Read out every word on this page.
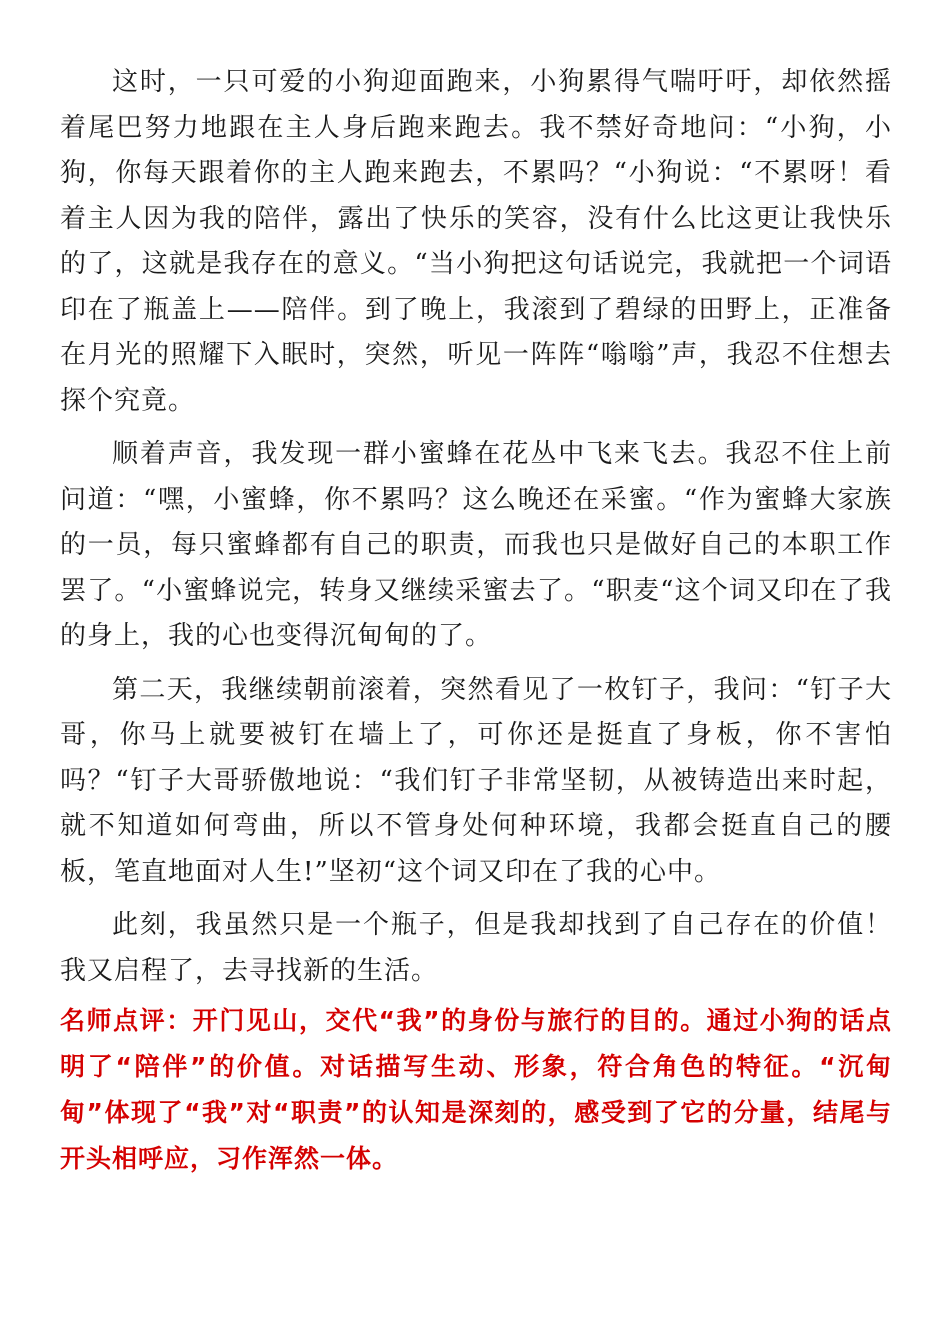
这时，一只可爱的小狗迎面跑来，小狗累得气喘吁吁，却依然摇着尾巴努力地跟在主人身后跑来跑去。我不禁好奇地问：“小狗，小狗，你每天跟着你的主人跑来跑去，不累吗？“小狗说：“不累呀！看着主人因为我的陪伴，露出了快乐的笑容，没有什么比这更让我快乐的了，这就是我存在的意义。“当小狗把这句话说完，我就把一个词语印在了瓶盖上——陪伴。到了晚上，我滚到了碧绿的田野上，正准备在月光的照耀下入眠时，突然，听见一阵阵“嗡嗡”声，我忍不住想去探个究竟。

顺着声音，我发现一群小蜜蜂在花丛中飞来飞去。我忍不住上前问道：“嘿，小蜜蜂，你不累吗？这么晚还在采蜜。“作为蜜蜂大家族的一员，每只蜜蜂都有自己的职责，而我也只是做好自己的本职工作罢了。“小蜜蜂说完，转身又继续采蜜去了。“职麦“这个词又印在了我的身上，我的心也变得沉甸甸的了。

第二天，我继续朝前滚着，突然看见了一枚钉子，我问：“钉子大哥，你马上就要被钉在墙上了，可你还是挺直了身板，你不害怕吗？“钉子大哥骄傲地说：“我们钉子非常坚韧，从被铸造出来时起，就不知道如何弯曲，所以不管身处何种环境，我都会挺直自己的腰板，笔直地面对人生!”坚初“这个词又印在了我的心中。

此刻，我虽然只是一个瓶子，但是我却找到了自己存在的价值！我又启程了，去寻找新的生活。

名师点评：开门见山，交代“我”的身份与旅行的目的。通过小狗的话点明了“陪伴”的价值。对话描写生动、形象，符合角色的特征。“沉甸甸”体现了“我”对“职责”的认知是深刻的，感受到了它的分量，结尾与开头相呼应，习作浑然一体。
